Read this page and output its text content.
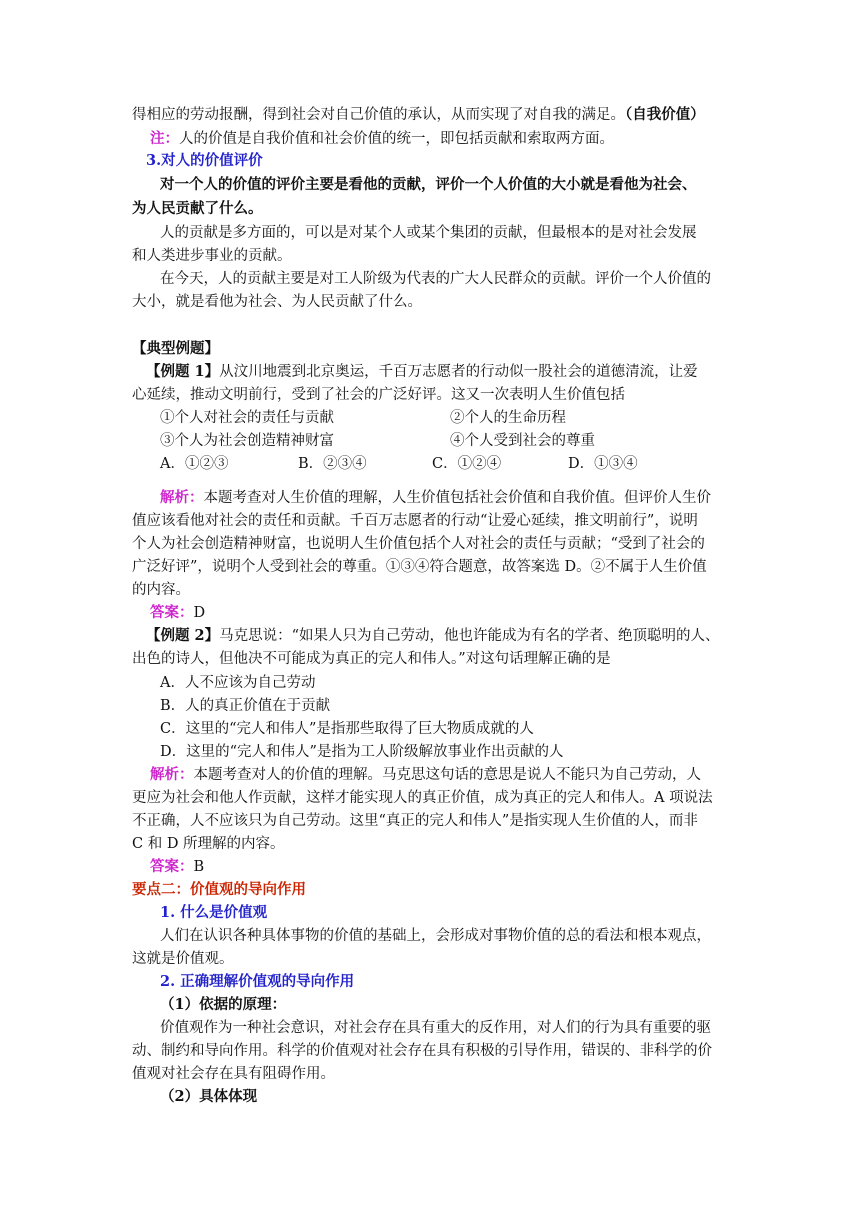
得相应的劳动报酬，得到社会对自己价值的承认，从而实现了对自我的满足。（自我价值）
注：人的价值是自我价值和社会价值的统一，即包括贡献和索取两方面。
3.对人的价值评价
对一个人的价值的评价主要是看他的贡献，评价一个人价值的大小就是看他为社会、
为人民贡献了什么。
人的贡献是多方面的，可以是对某个人或某个集团的贡献，但最根本的是对社会发展
和人类进步事业的贡献。
在今天，人的贡献主要是对工人阶级为代表的广大人民群众的贡献。评价一个人价值的
大小，就是看他为社会、为人民贡献了什么。
【典型例题】
【例题 1】从汶川地震到北京奥运，千百万志愿者的行动似一股社会的道德清流，让爱
心延续，推动文明前行，受到了社会的广泛好评。这又一次表明人生价值包括
①个人对社会的责任与贡献	②个人的生命历程
③个人为社会创造精神财富	④个人受到社会的尊重
A．①②③	B．②③④	C．①②④	D．①③④
解析：本题考查对人生价值的理解，人生价值包括社会价值和自我价值。但评价人生价
值应该看他对社会的责任和贡献。千百万志愿者的行动“让爱心延续，推文明前行”，说明
个人为社会创造精神财富，也说明人生价值包括个人对社会的责任与贡献；“受到了社会的
广泛好评”，说明个人受到社会的尊重。①③④符合题意，故答案选 D。②不属于人生价值
的内容。
答案：D
【例题 2】马克思说：“如果人只为自己劳动，他也许能成为有名的学者、绝顶聪明的人、
出色的诗人，但他决不可能成为真正的完人和伟人。”对这句话理解正确的是
A．人不应该为自己劳动
B．人的真正价值在于贡献
C．这里的“完人和伟人”是指那些取得了巨大物质成就的人
D．这里的“完人和伟人”是指为工人阶级解放事业作出贡献的人
解析：本题考查对人的价值的理解。马克思这句话的意思是说人不能只为自己劳动，人
更应为社会和他人作贡献，这样才能实现人的真正价值，成为真正的完人和伟人。A 项说法
不正确，人不应该只为自己劳动。这里“真正的完人和伟人”是指实现人生价值的人，而非
C 和 D 所理解的内容。
答案：B
要点二：价值观的导向作用
1. 什么是价值观
人们在认识各种具体事物的价值的基础上，会形成对事物价值的总的看法和根本观点，
这就是价值观。
2. 正确理解价值观的导向作用
（1）依据的原理：
价值观作为一种社会意识，对社会存在具有重大的反作用，对人们的行为具有重要的驱
动、制约和导向作用。科学的价值观对社会存在具有积极的引导作用，错误的、非科学的价
值观对社会存在具有阻碍作用。
（2）具体体现
